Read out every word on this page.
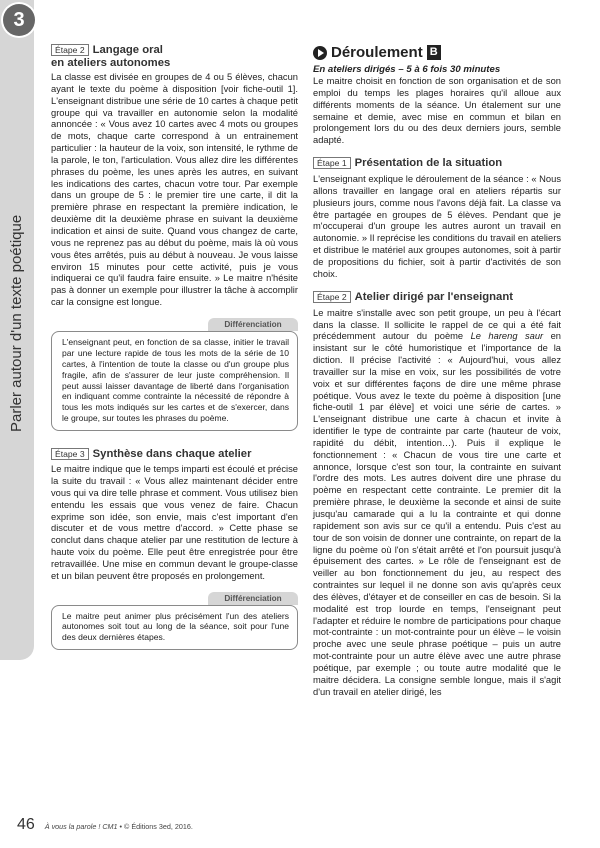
3
Parler autour d'un texte poétique
Étape 2 Langage oral
en ateliers autonomes

La classe est divisée en groupes de 4 ou 5 élèves, chacun ayant le texte du poème à disposition [voir fiche-outil 1]. L'enseignant distribue une série de 10 cartes à chaque petit groupe qui va travailler en autonomie selon la modalité annoncée : « Vous avez 10 cartes avec 4 mots ou groupes de mots, chaque carte correspond à un entrainement particulier : la hauteur de la voix, son intensité, le rythme de la parole, le ton, l'articulation. Vous allez dire les différentes phrases du poème, les unes après les autres, en suivant les indications des cartes, chacun votre tour. Par exemple dans un groupe de 5 : le premier tire une carte, il dit la première phrase en respectant la première indication, le deuxième dit la deuxième phrase en suivant la deuxième indication et ainsi de suite. Quand vous changez de carte, vous ne reprenez pas au début du poème, mais là où vous vous êtes arrêtés, puis au début à nouveau. Je vous laisse environ 15 minutes pour cette activité, puis je vous indiquerai ce qu'il faudra faire ensuite. » Le maitre n'hésite pas à donner un exemple pour illustrer la tâche à accomplir car la consigne est longue.

Différenciation

L'enseignant peut, en fonction de sa classe, initier le travail par une lecture rapide de tous les mots de la série de 10 cartes, à l'intention de toute la classe ou d'un groupe plus fragile, afin de s'assurer de leur juste compréhension. Il peut aussi laisser davantage de liberté dans l'organisation en indiquant comme contrainte la nécessité de répondre à tous les mots indiqués sur les cartes et de s'exercer, dans le groupe, sur toutes les phrases du poème.

Étape 3 Synthèse dans chaque atelier

Le maitre indique que le temps imparti est écoulé et précise la suite du travail : « Vous allez maintenant décider entre vous qui va dire telle phrase et comment. Vous utilisez bien entendu les essais que vous venez de faire. Chacun exprime son idée, son envie, mais c'est important d'en discuter et de vous mettre d'accord. » Cette phase se conclut dans chaque atelier par une restitution de lecture à haute voix du poème. Elle peut être enregistrée pour être retravaillée. Une mise en commun devant le groupe-classe et un bilan peuvent être proposés en prolongement.

Différenciation

Le maitre peut animer plus précisément l'un des ateliers autonomes soit tout au long de la séance, soit pour l'une des deux dernières étapes.

Déroulement B
En ateliers dirigés – 5 à 6 fois 30 minutes

Le maitre choisit en fonction de son organisation et de son emploi du temps les plages horaires qu'il alloue aux différents moments de la séance. Un étalement sur une semaine et demie, avec mise en commun et bilan en prolongement lors du ou des deux derniers jours, semble adapté.

Étape 1 Présentation de la situation

L'enseignant explique le déroulement de la séance : « Nous allons travailler en langage oral en ateliers répartis sur plusieurs jours, comme nous l'avons déjà fait. La classe va être partagée en groupes de 5 élèves. Pendant que je m'occuperai d'un groupe les autres auront un travail en autonomie. » Il reprécise les conditions du travail en ateliers et distribue le matériel aux groupes autonomes, soit à partir de propositions du fichier, soit à partir d'activités de son choix.

Étape 2 Atelier dirigé par l'enseignant

Le maitre s'installe avec son petit groupe, un peu à l'écart dans la classe. Il sollicite le rappel de ce qui a été fait précédemment autour du poème Le hareng saur en insistant sur le côté humoristique et l'importance de la diction. Il précise l'activité : « Aujourd'hui, vous allez travailler sur la mise en voix, sur les possibilités de votre voix et sur différentes façons de dire une même phrase poétique. Vous avez le texte du poème à disposition [une fiche-outil 1 par élève] et voici une série de cartes. » L'enseignant distribue une carte à chacun et invite à identifier le type de contrainte par carte (hauteur de voix, rapidité du débit, intention…). Puis il explique le fonctionnement : « Chacun de vous tire une carte et annonce, lorsque c'est son tour, la contrainte en suivant l'ordre des mots. Les autres doivent dire une phrase du poème en respectant cette contrainte. Le premier dit la première phrase, le deuxième la seconde et ainsi de suite jusqu'au camarade qui a lu la contrainte et qui donne rapidement son avis sur ce qu'il a entendu. Puis c'est au tour de son voisin de donner une contrainte, on repart de la ligne du poème où l'on s'était arrêté et l'on poursuit jusqu'à épuisement des cartes. » Le rôle de l'enseignant est de veiller au bon fonctionnement du jeu, au respect des contraintes sur lequel il ne donne son avis qu'après ceux des élèves, d'étayer et de conseiller en cas de besoin. Si la modalité est trop lourde en temps, l'enseignant peut l'adapter et réduire le nombre de participations pour chaque mot-contrainte : un mot-contrainte pour un élève – le voisin proche avec une seule phrase poétique – puis un autre mot-contrainte pour un autre élève avec une autre phrase poétique, par exemple ; ou toute autre modalité que le maitre décidera. La consigne semble longue, mais il s'agit d'un travail en atelier dirigé, les

46 À vous la parole ! CM1 • © Éditions 3ed, 2016.
